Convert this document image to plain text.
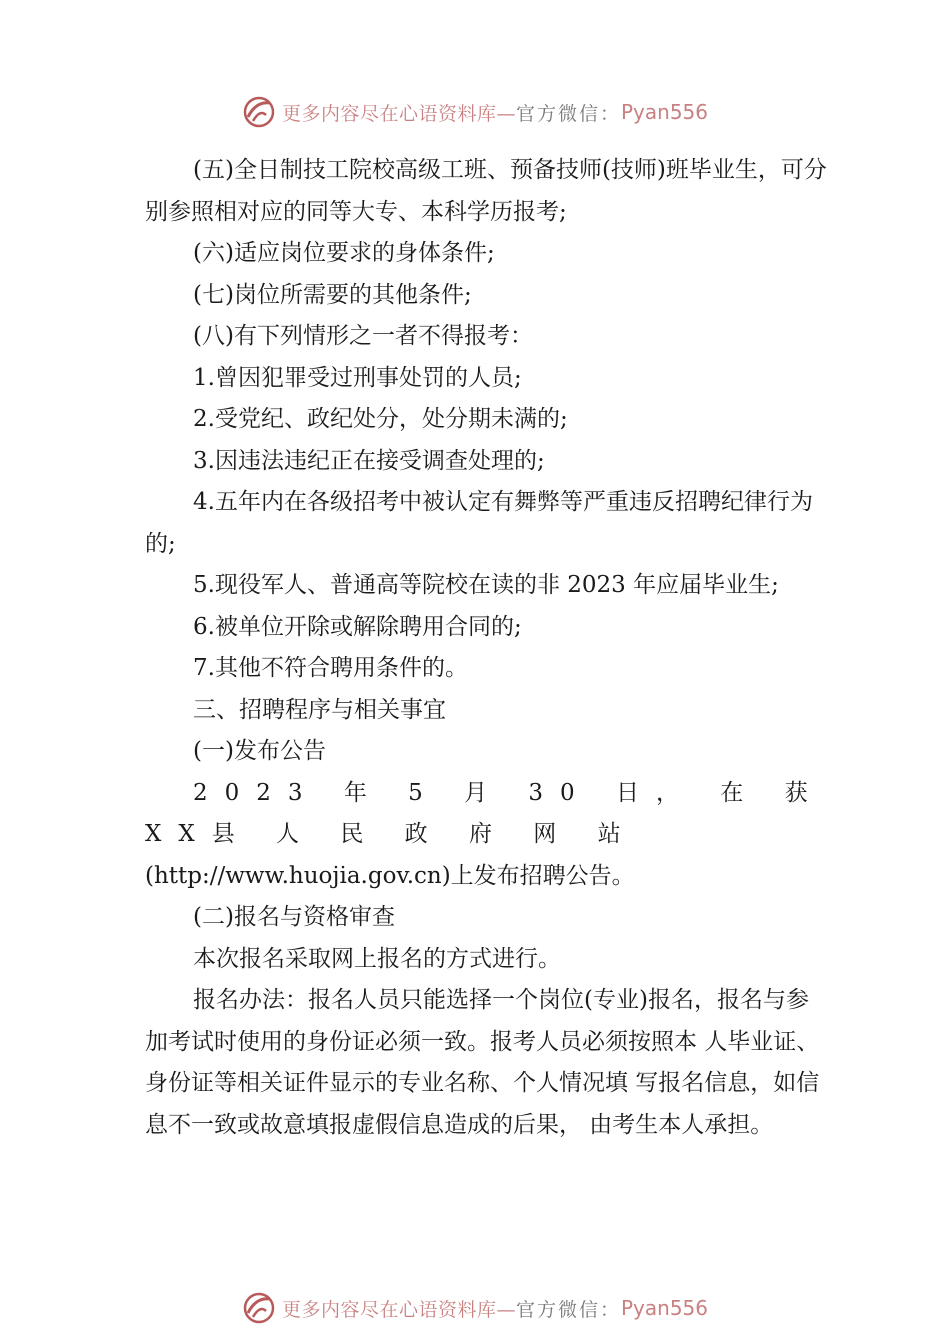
更多内容尽在心语资料库— 官方微信： Pyan556

(五)全日制技工院校高级工班、预备技师(技师)班毕业生，可分别参照相对应的同等大专、本科学历报考;

(六)适应岗位要求的身体条件;

(七)岗位所需要的其他条件;

(八)有下列情形之一者不得报考：

1.曾因犯罪受过刑事处罚的人员;

2.受党纪、政纪处分，处分期未满的;

3.因违法违纪正在接受调查处理的;

4.五年内在各级招考中被认定有舞弊等严重违反招聘纪律行为的;

5.现役军人、普通高等院校在读的非 2023 年应届毕业生;

6.被单位开除或解除聘用合同的;

7.其他不符合聘用条件的。

三、招聘程序与相关事宜

(一)发布公告

2023 年 5 月 30 日， 在 获 XX县 人 民 政 府 网 站

(http://www.huojia.gov.cn)上发布招聘公告。

(二)报名与资格审查

本次报名采取网上报名的方式进行。

报名办法：报名人员只能选择一个岗位(专业)报名，报名与参加考试时使用的身份证必须一致。报考人员必须按照本 人毕业证、身份证等相关证件显示的专业名称、个人情况填 写报名信息，如信息不一致或故意填报虚假信息造成的后果， 由考生本人承担。

更多内容尽在心语资料库— 官方微信： Pyan556
